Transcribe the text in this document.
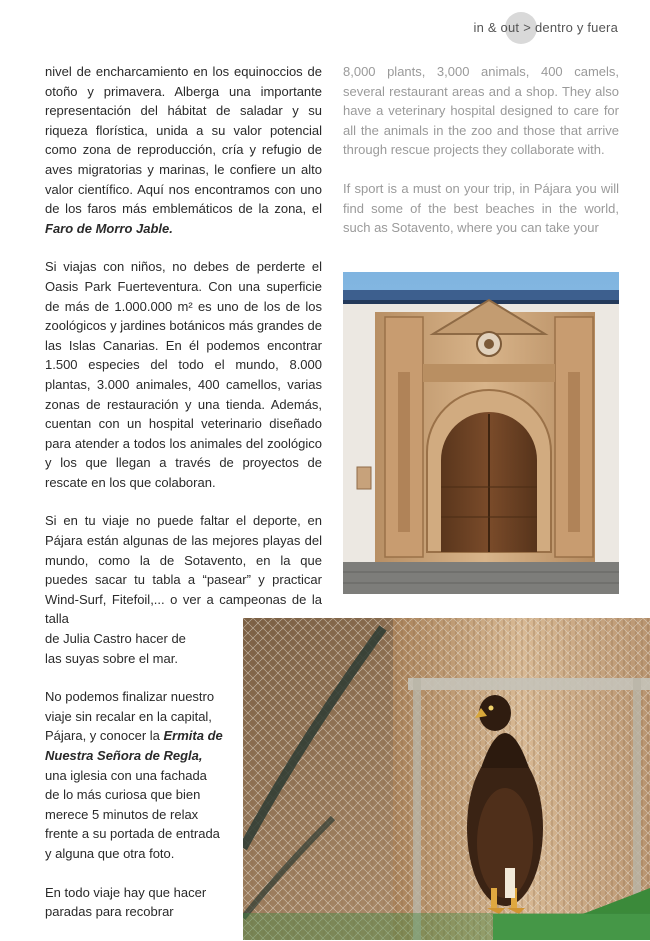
in & out > dentro y fuera

nivel de encharcamiento en los equinoccios de otoño y primavera. Alberga una importante representación del hábitat de saladar y su riqueza florística, unida a su valor potencial como zona de reproducción, cría y refugio de aves migratorias y marinas, le confiere un alto valor científico. Aquí nos encontramos con uno de los faros más emblemáticos de la zona, el Faro de Morro Jable.

Si viajas con niños, no debes de perderte el Oasis Park Fuerteventura. Con una superficie de más de 1.000.000 m² es uno de los de los zoológicos y jardines botánicos más grandes de las Islas Canarias. En él podemos encontrar 1.500 especies del todo el mundo, 8.000 plantas, 3.000 animales, 400 camellos, varias zonas de restauración y una tienda. Además, cuentan con un hospital veterinario diseñado para atender a todos los animales del zoológico y los que llegan a través de proyectos de rescate en los que colaboran.

Si en tu viaje no puede faltar el deporte, en Pájara están algunas de las mejores playas del mundo, como la de Sotavento, en la que puedes sacar tu tabla a “pasear” y practicar Wind-Surf, Fitefoil,... o ver a campeonas de la talla

de Julia Castro hacer de las suyas sobre el mar.

No podemos finalizar nuestro viaje sin recalar en la capital, Pájara, y conocer la Ermita de Nuestra Señora de Regla, una iglesia con una fachada de lo más curiosa que bien merece 5 minutos de relax frente a su portada de entrada y alguna que otra foto.

En todo viaje hay que hacer paradas para recobrar

8,000 plants, 3,000 animals, 400 camels, several restaurant areas and a shop. They also have a veterinary hospital designed to care for all the animals in the zoo and those that arrive through rescue projects they collaborate with.

If sport is a must on your trip, in Pájara you will find some of the best beaches in the world, such as Sotavento, where you can take your
